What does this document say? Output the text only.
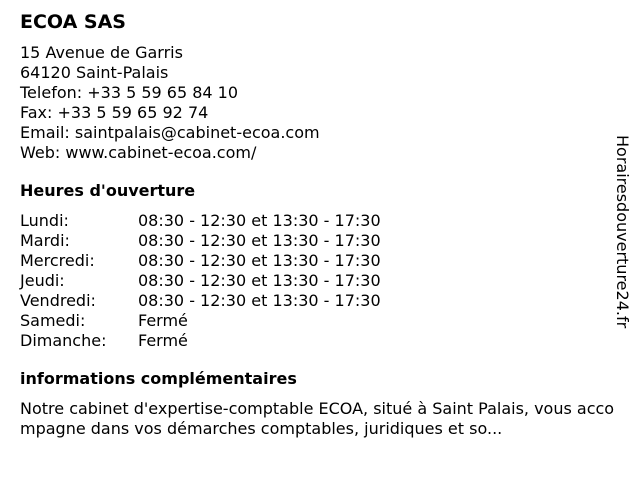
ECOA SAS
15 Avenue de Garris
64120 Saint-Palais
Telefon: +33 5 59 65 84 10
Fax: +33 5 59 65 92 74
Email: saintpalais@cabinet-ecoa.com
Web: www.cabinet-ecoa.com/
Heures d'ouverture
Lundi:	08:30 - 12:30 et 13:30 - 17:30
Mardi:	08:30 - 12:30 et 13:30 - 17:30
Mercredi:	08:30 - 12:30 et 13:30 - 17:30
Jeudi:	08:30 - 12:30 et 13:30 - 17:30
Vendredi:	08:30 - 12:30 et 13:30 - 17:30
Samedi:	Fermé
Dimanche:	Fermé
informations complémentaires
Notre cabinet d'expertise-comptable ECOA, situé à Saint Palais, vous accompagne dans vos démarches comptables, juridiques et so...
Horairesdouverture24.fr
